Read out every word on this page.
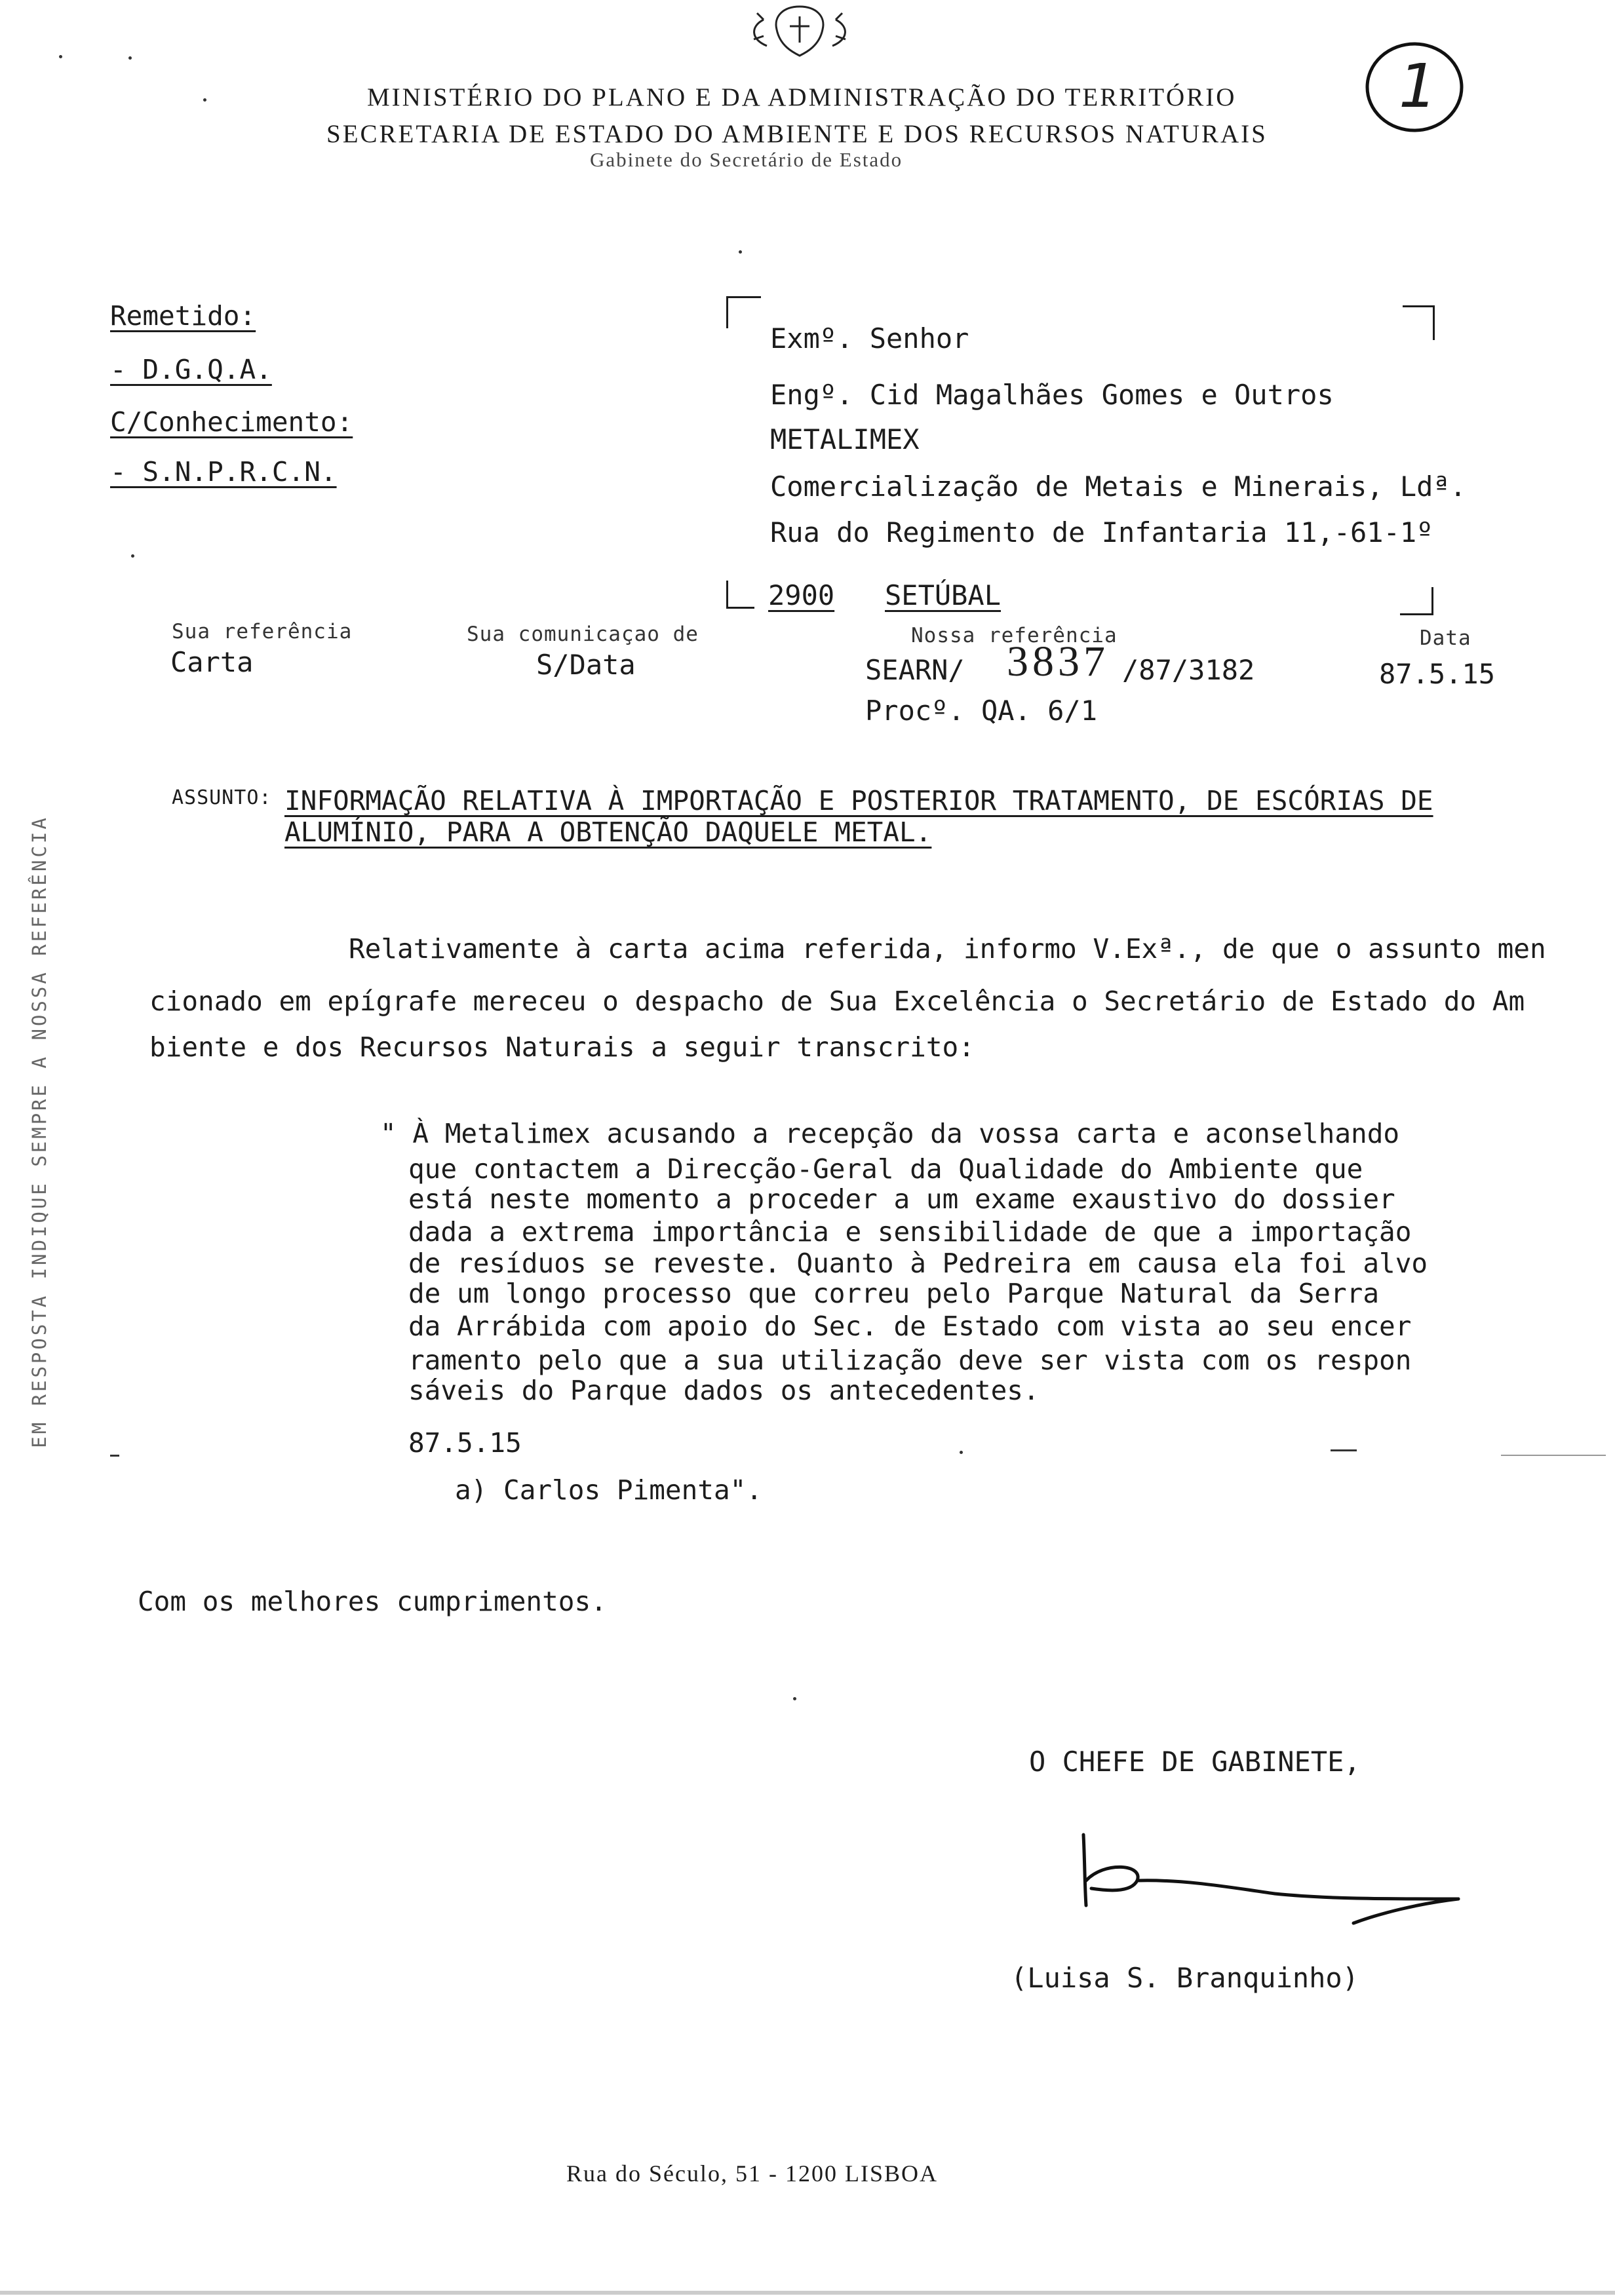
MINISTÉRIO DO PLANO E DA ADMINISTRAÇÃO DO TERRITÓRIO
SECRETARIA DE ESTADO DO AMBIENTE E DOS RECURSOS NATURAIS
Gabinete do Secretário de Estado
1
Remetido:
- D.G.Q.A.
C/Conhecimento:
- S.N.P.R.C.N.
Exmº. Senhor
Engº. Cid Magalhães Gomes e Outros
METALIMEX
Comercialização de Metais e Minerais, Ldª.
Rua do Regimento de Infantaria 11,-61-1º
2900 SETÚBAL
Sua referência
Carta
Sua comunicaçao de
S/Data
Nossa referência
SEARN/ 3837 /87/3182
Procº. QA. 6/1
Data
87.5.15
ASSUNTO: INFORMAÇÃO RELATIVA À IMPORTAÇÃO E POSTERIOR TRATAMENTO, DE ESCÓRIAS DE
ALUMÍNIO, PARA A OBTENÇÃO DAQUELE METAL.
Relativamente à carta acima referida, informo V.Exª., de que o assunto men
cionado em epígrafe mereceu o despacho de Sua Excelência o Secretário de Estado do Am
biente e dos Recursos Naturais a seguir transcrito:
" À Metalimex acusando a recepção da vossa carta e aconselhando
que contactem a Direcção-Geral da Qualidade do Ambiente que
está neste momento a proceder a um exame exaustivo do dossier
dada a extrema importância e sensibilidade de que a importação
de resíduos se reveste. Quanto à Pedreira em causa ela foi alvo
de um longo processo que correu pelo Parque Natural da Serra
da Arrábida com apoio do Sec. de Estado com vista ao seu encer
ramento pelo que a sua utilização deve ser vista com os respon
sáveis do Parque dados os antecedentes.
87.5.15
a) Carlos Pimenta".
Com os melhores cumprimentos.
O CHEFE DE GABINETE,
(Luisa S. Branquinho)
EM RESPOSTA INDIQUE SEMPRE A NOSSA REFERÊNCIA
Rua do Século, 51 - 1200 LISBOA
